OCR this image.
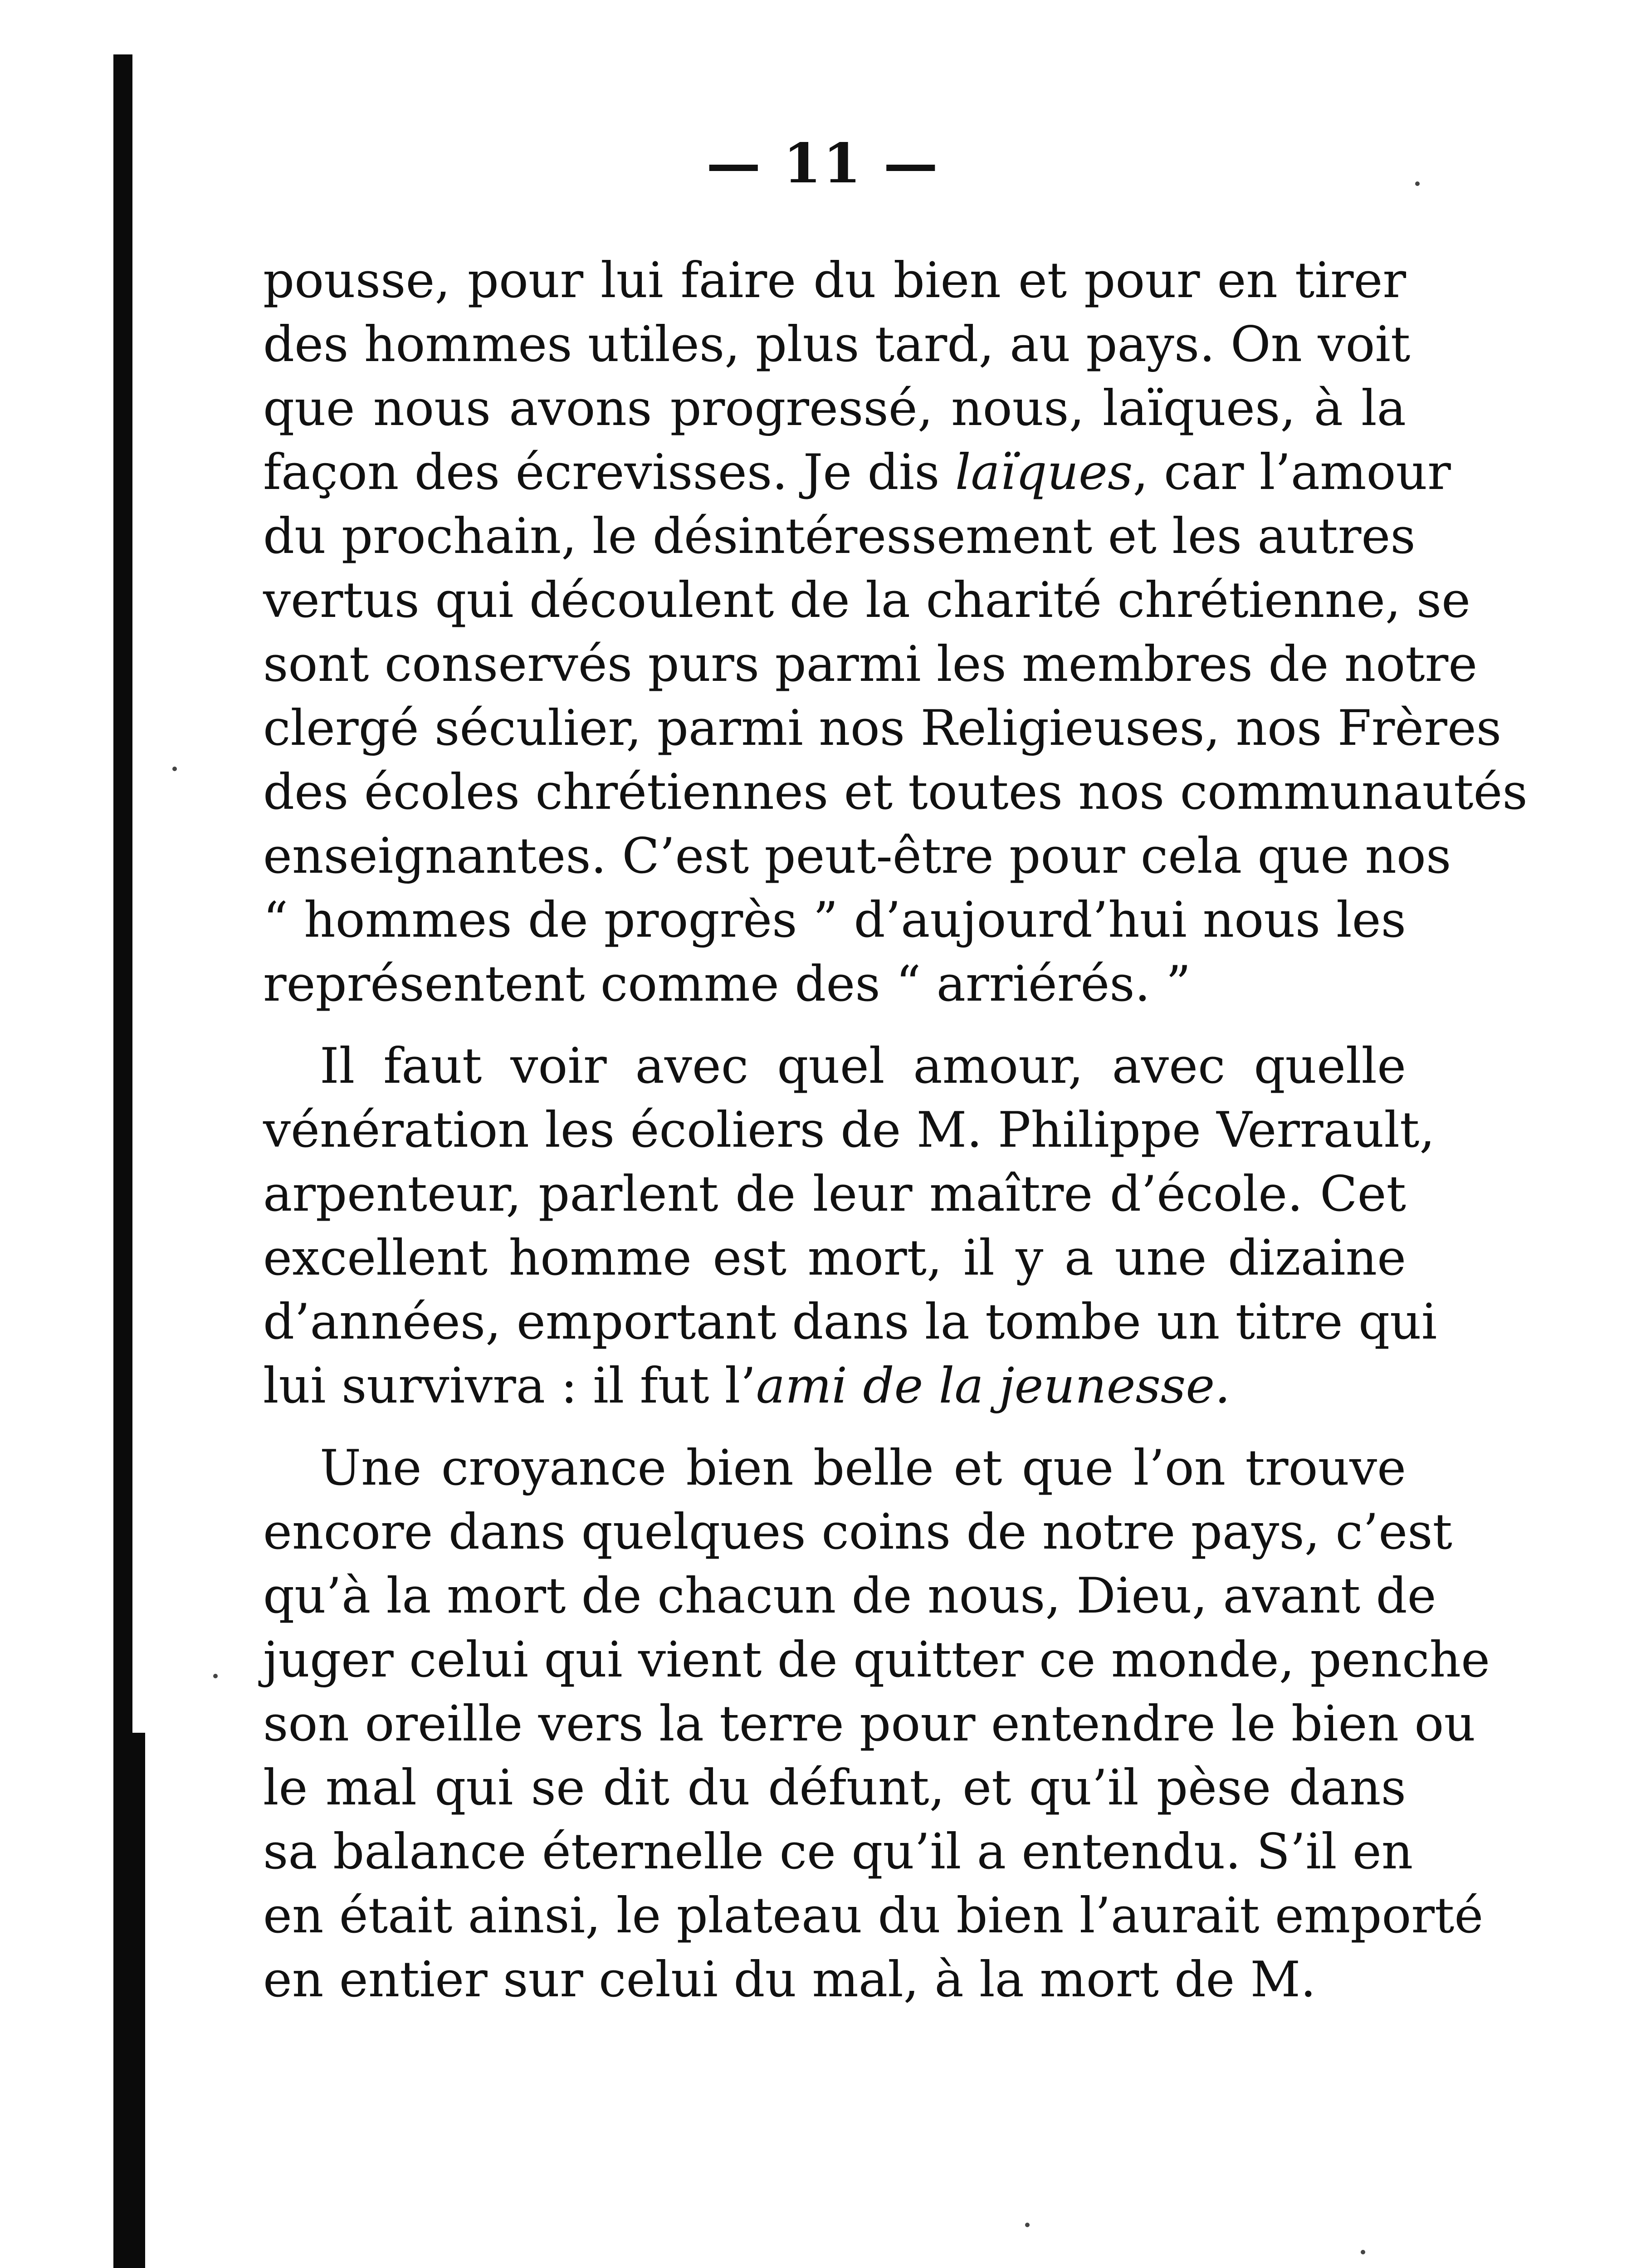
— 11 —
pousse, pour lui faire du bien et pour en tirer
des hommes utiles, plus tard, au pays. On voit
que nous avons progressé, nous, laïques, à la
façon des écrevisses. Je dis laïques, car l’amour
du prochain, le désintéressement et les autres
vertus qui découlent de la charité chrétienne, se
sont conservés purs parmi les membres de notre
clergé séculier, parmi nos Religieuses, nos Frères
des écoles chrétiennes et toutes nos communautés
enseignantes. C’est peut-être pour cela que nos
“ hommes de progrès ” d’aujourd’hui nous les
représentent comme des “ arriérés. ”
Il faut voir avec quel amour, avec quelle
vénération les écoliers de M. Philippe Verrault,
arpenteur, parlent de leur maître d’école. Cet
excellent homme est mort, il y a une dizaine
d’années, emportant dans la tombe un titre qui
lui survivra : il fut l’ami de la jeunesse.
Une croyance bien belle et que l’on trouve
encore dans quelques coins de notre pays, c’est
qu’à la mort de chacun de nous, Dieu, avant de
juger celui qui vient de quitter ce monde, penche
son oreille vers la terre pour entendre le bien ou
le mal qui se dit du défunt, et qu’il pèse dans
sa balance éternelle ce qu’il a entendu. S’il en
en était ainsi, le plateau du bien l’aurait emporté
en entier sur celui du mal, à la mort de M.
